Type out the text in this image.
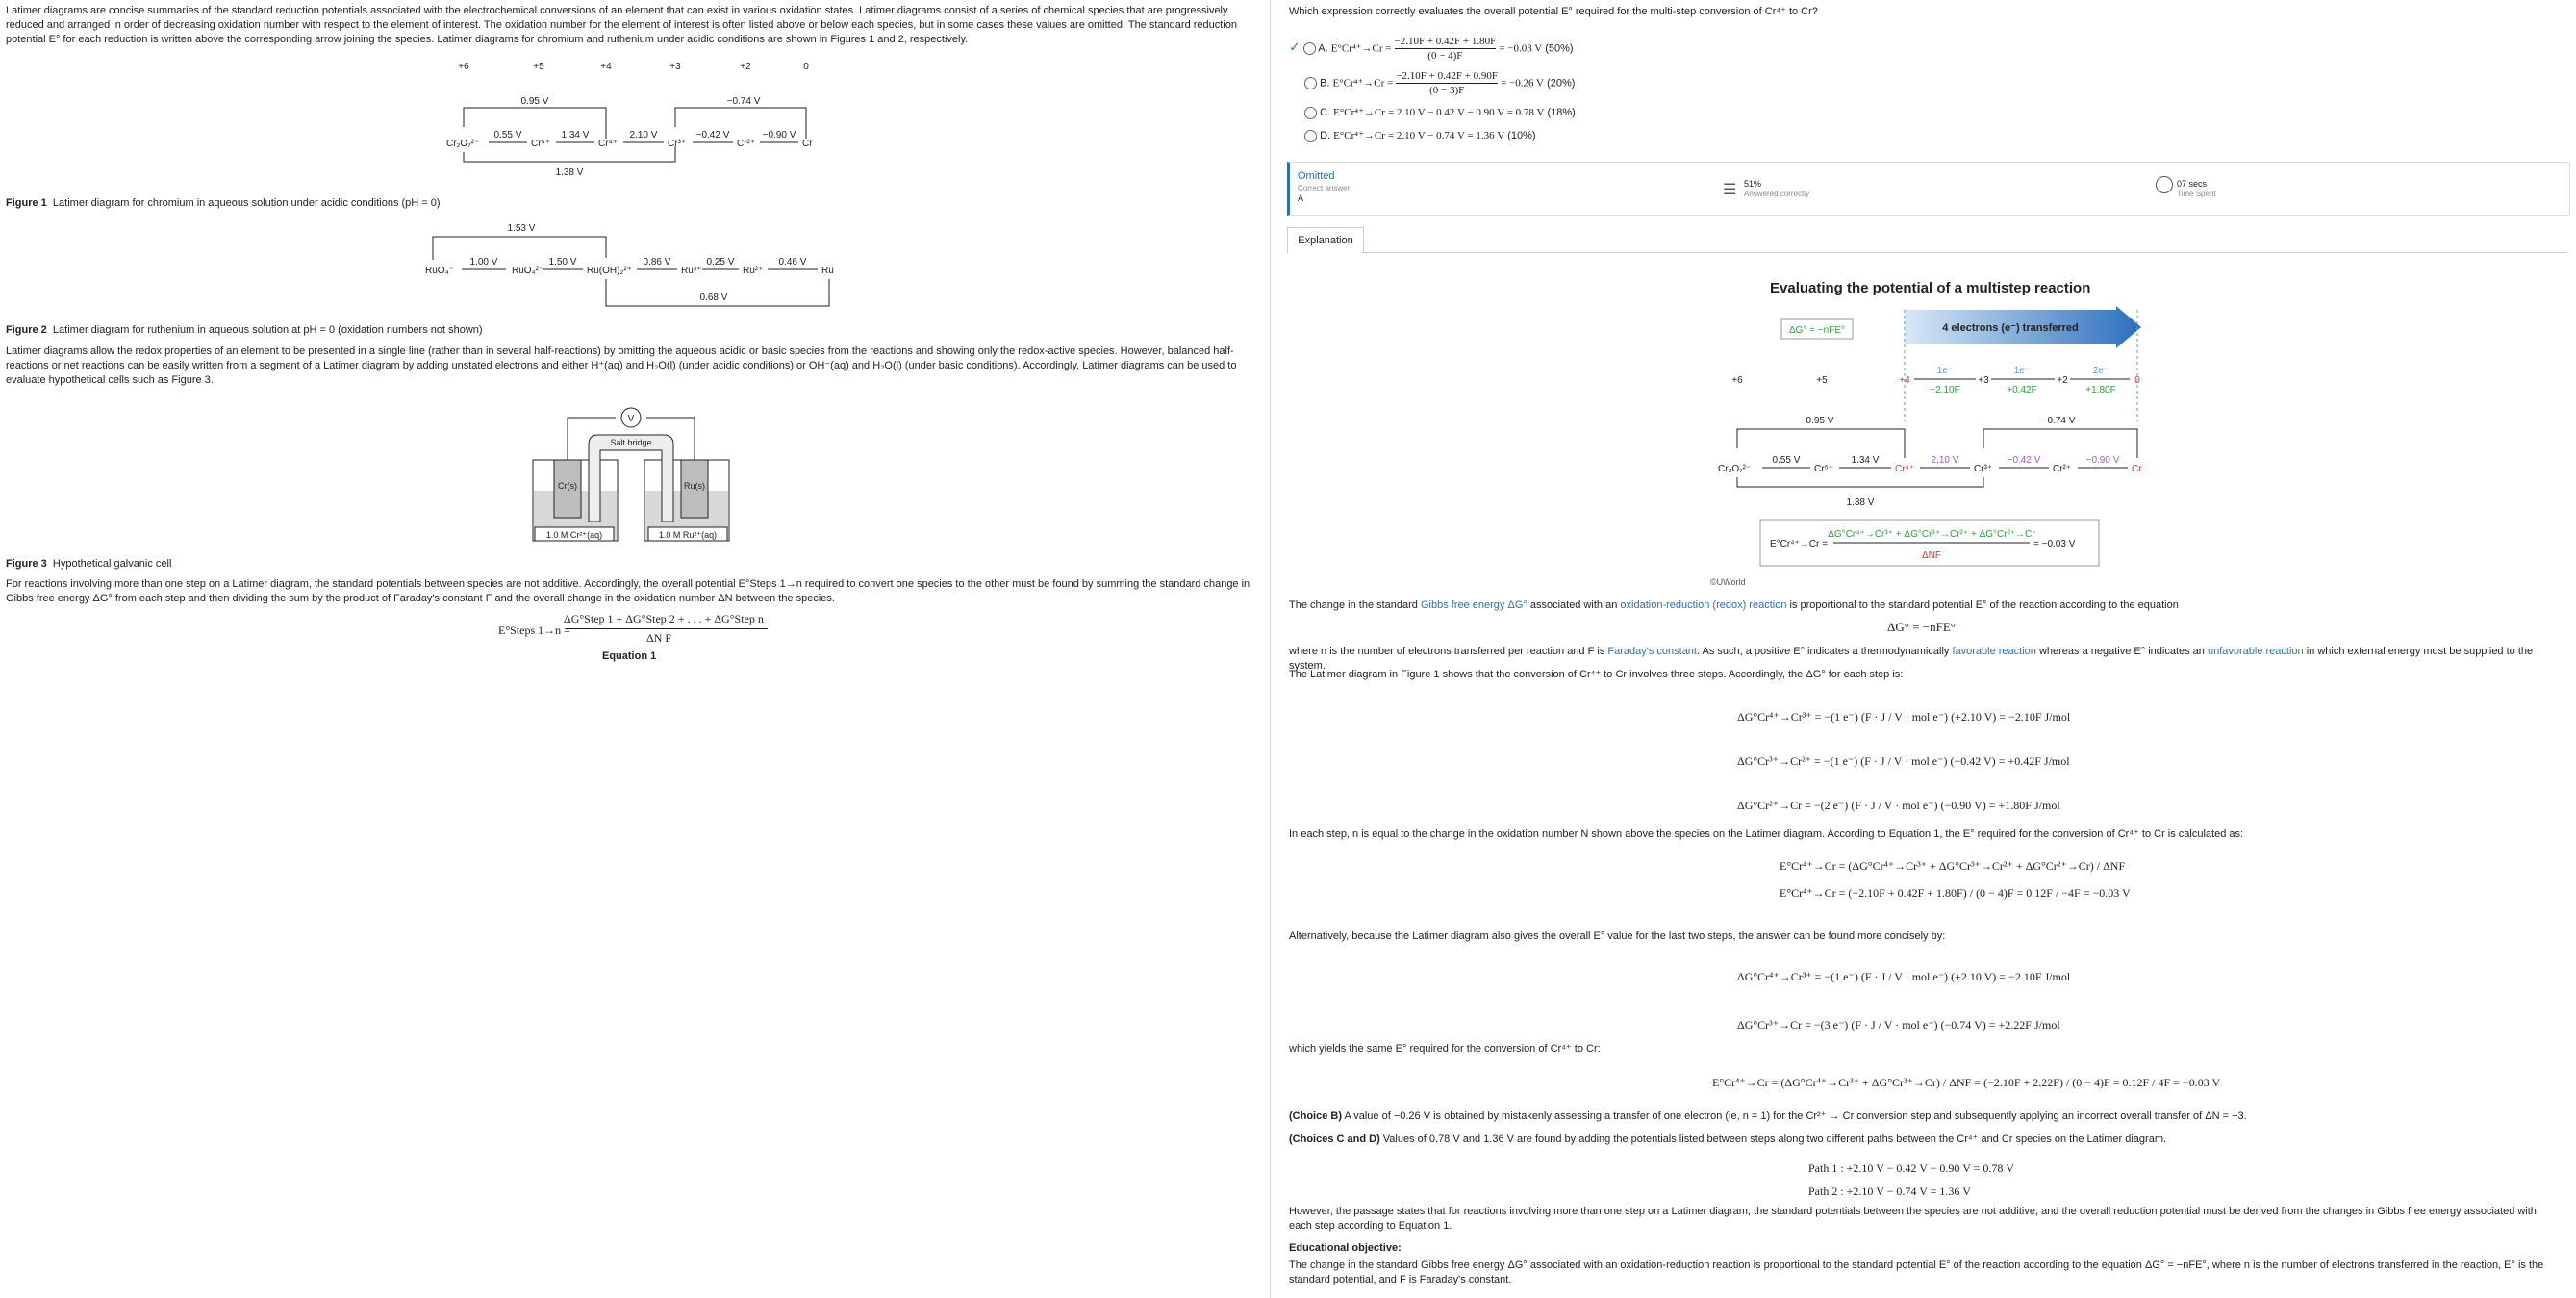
Latimer diagrams are concise summaries of the standard reduction potentials associated with the electrochemical conversions of an element that can exist in various oxidation states. Latimer diagrams consist of a series of chemical species that are progressively reduced and arranged in order of decreasing oxidation number with respect to the element of interest. The oxidation number for the element of interest is often listed above or below each species, but in some cases these values are omitted. The standard reduction potential E° for each reduction is written above the corresponding arrow joining the species. Latimer diagrams for chromium and ruthenium under acidic conditions are shown in Figures 1 and 2, respectively.
+6	+5	+4	+3	+2	0
0.95 V	−0.74 V
1.38 V
Cr₂O₇²⁻	Cr⁵⁺	Cr⁴⁺	Cr³⁺	Cr²⁺	Cr
0.55 V	1.34 V	2.10 V	−0.42 V	−0.90 V
Figure 1 Latimer diagram for chromium in aqueous solution under acidic conditions (pH = 0)
1.53 V
RuO₄⁻	RuO₄²⁻	Ru(OH)₂²⁺	Ru³⁺	Ru²⁺	Ru
1.00 V	1.50 V	0.86 V	0.25 V	0.46 V
0.68 V
Figure 2 Latimer diagram for ruthenium in aqueous solution at pH = 0 (oxidation numbers not shown)
Latimer diagrams allow the redox properties of an element to be presented in a single line (rather than in several half-reactions) by omitting the aqueous acidic or basic species from the reactions and showing only the redox-active species. However, balanced half-reactions or net reactions can be easily written from a segment of a Latimer diagram by adding unstated electrons and either H⁺(aq) and H₂O(l) (under acidic conditions) or OH⁻(aq) and H₂O(l) (under basic conditions). Accordingly, Latimer diagrams can be used to evaluate hypothetical cells such as Figure 3.
V
Cr(s)	Ru(s)
Salt bridge
1.0 M Cr²⁺(aq)	1.0 M Ru²⁺(aq)
Figure 3 Hypothetical galvanic cell
For reactions involving more than one step on a Latimer diagram, the standard potentials between species are not additive. Accordingly, the overall potential E°Steps 1→n required to convert one species to the other must be found by summing the standard change in Gibbs free energy ΔG° from each step and then dividing the sum by the product of Faraday's constant F and the overall change in the oxidation number ΔN between the species.
E°Steps 1→n =
ΔG°Step 1 + ΔG°Step 2 + . . . + ΔG°Step n
ΔN F
Equation 1
Which expression correctly evaluates the overall potential E° required for the multi-step conversion of Cr⁴⁺ to Cr?
✓ A. $E^\circ Cr^{4+}\to Cr = \frac{-2.10F + 0.42F + 1.80F}{(0 - 4)F} = -0.03$ V (50%)
B. $E^\circ Cr^{4+}\to Cr = \frac{-2.10F + 0.42F + 0.90F}{(0 - 3)F} = -0.26$ V (20%)
C. E°Cr⁴⁺→Cr = 2.10 V − 0.42 V − 0.90 V = 0.78 V (18%)
D. E°Cr⁴⁺→Cr = 2.10 V − 0.74 V = 1.36 V (10%)
Omitted
Correct answer
A	☰ 51%
Answered correctly
07 secs
Time Spent
Explanation
Evaluating the potential of a multistep reaction
ΔG° = −nFE°	4 electrons (e⁻) transferred
+6	+5	+4	+3	+2	0
1e⁻	1e⁻	2e⁻
−2.10F	+0.42F	+1.80F
0.95 V	−0.74 V
Cr₂O₇²⁻	Cr⁵⁺	Cr⁴⁺	Cr³⁺	Cr²⁺	Cr
0.55 V	1.34 V	2.10 V	−0.42 V	−0.90 V
1.38 V
E°Cr⁴⁺→Cr =
ΔG°Cr⁴⁺→Cr³⁺ + ΔG°Cr³⁺→Cr²⁺ + ΔG°Cr²⁺→Cr
ΔNF
= −0.03 V
©UWorld
The change in the standard Gibbs free energy ΔG° associated with an oxidation-reduction (redox) reaction is proportional to the standard potential E° of the reaction according to the equation
ΔG° = −nFE°
where n is the number of electrons transferred per reaction and F is Faraday's constant. As such, a positive E° indicates a thermodynamically favorable reaction whereas a negative E° indicates an unfavorable reaction in which external energy must be supplied to the system.
The Latimer diagram in Figure 1 shows that the conversion of Cr⁴⁺ to Cr involves three steps. Accordingly, the ΔG° for each step is:
ΔG°Cr⁴⁺→Cr³⁺ = −(1 e⁻) (F · J / V · mol e⁻) (+2.10 V) = −2.10F J/mol
ΔG°Cr³⁺→Cr²⁺ = −(1 e⁻) (F · J / V · mol e⁻) (−0.42 V) = +0.42F J/mol
ΔG°Cr²⁺→Cr = −(2 e⁻) (F · J / V · mol e⁻) (−0.90 V) = +1.80F J/mol
In each step, n is equal to the change in the oxidation number N shown above the species on the Latimer diagram. According to Equation 1, the E° required for the conversion of Cr⁴⁺ to Cr is calculated as:
E°Cr⁴⁺→Cr = (ΔG°Cr⁴⁺→Cr³⁺ + ΔG°Cr³⁺→Cr²⁺ + ΔG°Cr²⁺→Cr) / ΔNF
E°Cr⁴⁺→Cr = (−2.10F + 0.42F + 1.80F) / (0 − 4)F = 0.12F / −4F = −0.03 V
Alternatively, because the Latimer diagram also gives the overall E° value for the last two steps, the answer can be found more concisely by:
ΔG°Cr⁴⁺→Cr³⁺ = −(1 e⁻) (F · J / V · mol e⁻) (+2.10 V) = −2.10F J/mol
ΔG°Cr³⁺→Cr = −(3 e⁻) (F · J / V · mol e⁻) (−0.74 V) = +2.22F J/mol
which yields the same E° required for the conversion of Cr⁴⁺ to Cr:
E°Cr⁴⁺→Cr = (ΔG°Cr⁴⁺→Cr³⁺ + ΔG°Cr³⁺→Cr) / ΔNF = (−2.10F + 2.22F) / (0 − 4)F = 0.12F / 4F = −0.03 V
(Choice B) A value of −0.26 V is obtained by mistakenly assessing a transfer of one electron (ie, n = 1) for the Cr²⁺ → Cr conversion step and subsequently applying an incorrect overall transfer of ΔN = −3.
(Choices C and D) Values of 0.78 V and 1.36 V are found by adding the potentials listed between steps along two different paths between the Cr⁴⁺ and Cr species on the Latimer diagram.
Path 1 : +2.10 V − 0.42 V − 0.90 V = 0.78 V
Path 2 : +2.10 V − 0.74 V = 1.36 V
However, the passage states that for reactions involving more than one step on a Latimer diagram, the standard potentials between the species are not additive, and the overall reduction potential must be derived from the changes in Gibbs free energy associated with each step according to Equation 1.
Educational objective:
The change in the standard Gibbs free energy ΔG° associated with an oxidation-reduction reaction is proportional to the standard potential E° of the reaction according to the equation ΔG° = −nFE°, where n is the number of electrons transferred in the reaction, E° is the standard potential, and F is Faraday's constant.
